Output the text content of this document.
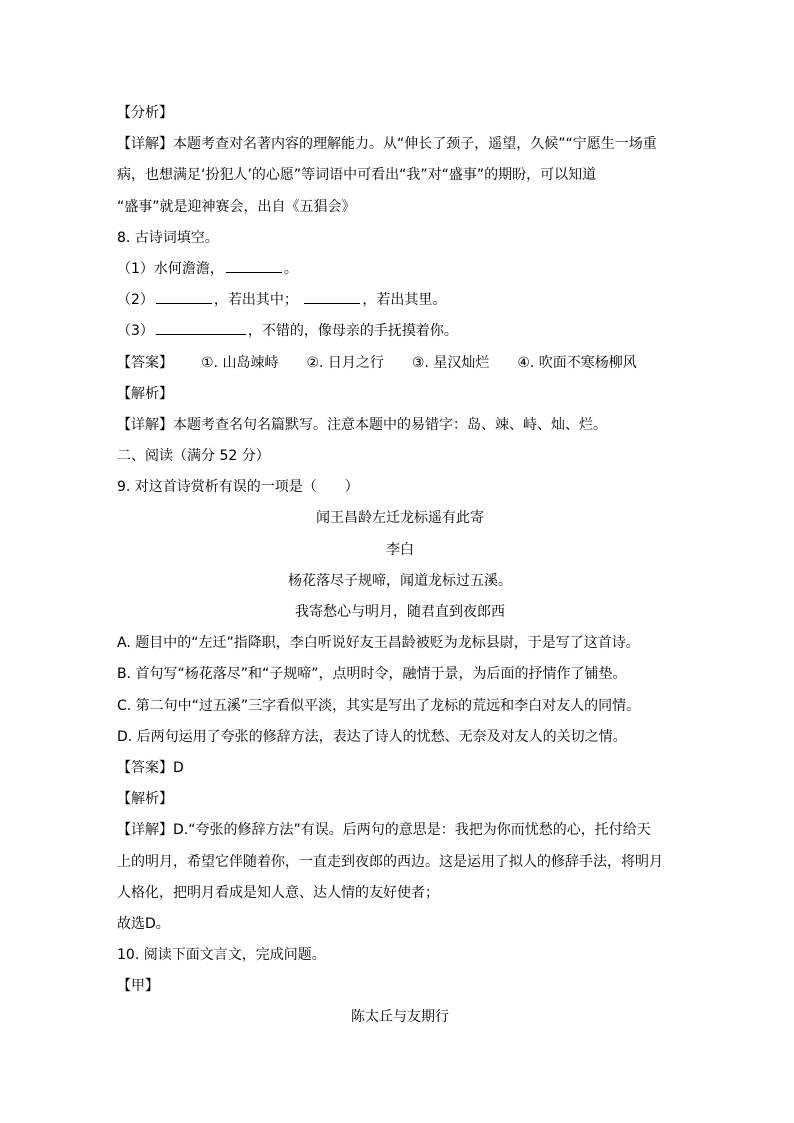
【分析】
【详解】本题考查对名著内容的理解能力。从“伸长了颈子，遥望，久候”“宁愿生一场重
病，也想满足‘扮犯人’的心愿”等词语中可看出“我”对“盛事”的期盼，可以知道
“盛事”就是迎神赛会，出自《五猖会》
8. 古诗词填空。
（1）水何澹澹，	。
（2）	，若出其中；	，若出其里。
（3）	，不错的，像母亲的手抚摸着你。
【答案】 ①. 山岛竦峙 ②. 日月之行 ③. 星汉灿烂 ④. 吹面不寒杨柳风
【解析】
【详解】本题考查名句名篇默写。注意本题中的易错字：岛、竦、峙、灿、烂。
二、阅读（满分 52 分）
9. 对这首诗赏析有误的一项是（　　）
闻王昌龄左迁龙标遥有此寄
李白
杨花落尽子规啼，闻道龙标过五溪。
我寄愁心与明月，随君直到夜郎西
A. 题目中的“左迁”指降职，李白听说好友王昌龄被贬为龙标县尉，于是写了这首诗。
B. 首句写“杨花落尽”和“子规啼”，点明时令，融情于景，为后面的抒情作了铺垫。
C. 第二句中“过五溪”三字看似平淡，其实是写出了龙标的荒远和李白对友人的同情。
D. 后两句运用了夸张的修辞方法，表达了诗人的忧愁、无奈及对友人的关切之情。
【答案】D
【解析】
【详解】D.“夸张的修辞方法”有误。后两句的意思是：我把为你而忧愁的心，托付给天
上的明月，希望它伴随着你，一直走到夜郎的西边。这是运用了拟人的修辞手法，将明月
人格化，把明月看成是知人意、达人情的友好使者；
故选D。
10. 阅读下面文言文，完成问题。
【甲】
陈太丘与友期行
